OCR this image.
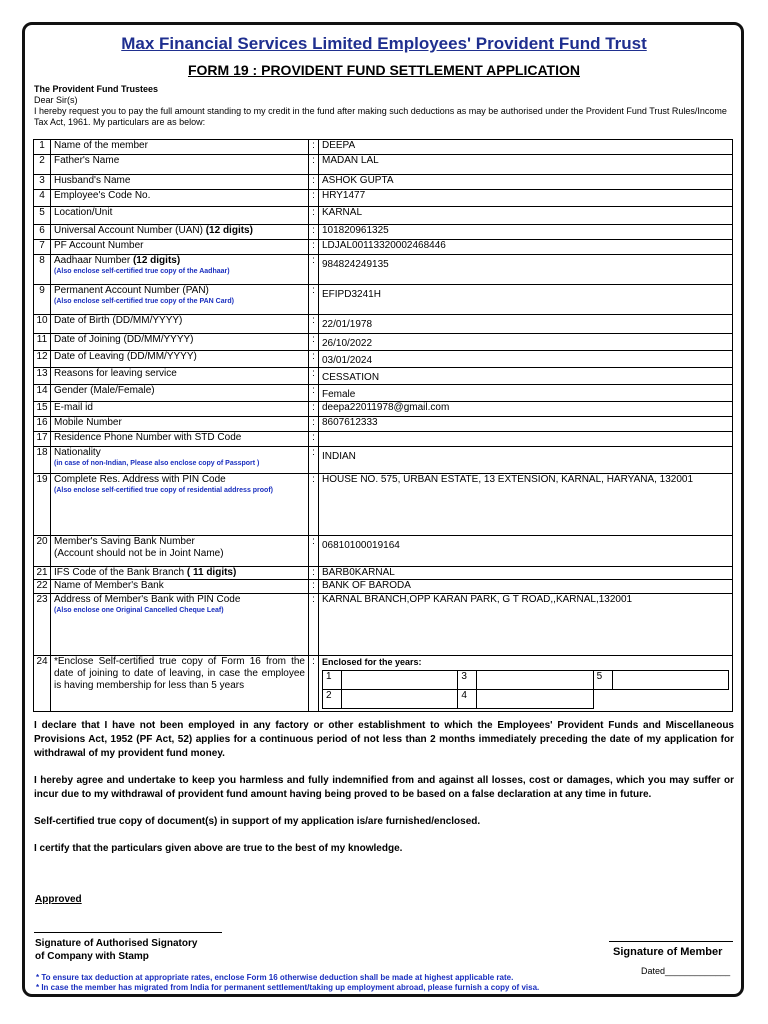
Max Financial Services Limited Employees' Provident Fund Trust
FORM 19 : PROVIDENT FUND SETTLEMENT APPLICATION
The Provident Fund Trustees
Dear Sir(s)
I hereby request you to pay the full amount standing to my credit in the fund after making such deductions as may be authorised under the Provident Fund Trust Rules/Income Tax Act, 1961. My particulars are as below:
1	Name of the member	:	DEEPA
2	Father's Name	:	MADAN LAL
3	Husband's Name	:	ASHOK GUPTA
4	Employee's Code No.	:	HRY1477
5	Location/Unit	:	KARNAL
6	Universal Account Number (UAN) (12 digits)	:	101820961325
7	PF Account Number	:	LDJAL00113320002468446
8	Aadhaar Number (12 digits)
(Also enclose self-certified true copy of the Aadhaar)
	:	984824249135
9	Permanent Account Number (PAN)
(Also enclose self-certified true copy of the PAN Card)
	:	EFIPD3241H
10	Date of Birth (DD/MM/YYYY)	:	22/01/1978
11	Date of Joining (DD/MM/YYYY)	:	26/10/2022
12	Date of Leaving (DD/MM/YYYY)	:	03/01/2024
13	Reasons for leaving service	:	CESSATION
14	Gender (Male/Female)	:	Female
15	E-mail id	:	deepa22011978@gmail.com
16	Mobile Number	:	8607612333
17	Residence Phone Number with STD Code	:	
18	Nationality
(in case of non-Indian, Please also enclose copy of Passport )
	:	INDIAN
19	Complete Res. Address with PIN Code
(Also enclose self-certified true copy of residential address proof)
	:	HOUSE NO. 575, URBAN ESTATE, 13 EXTENSION, KARNAL, HARYANA, 132001
20	Member's Saving Bank Number
(Account should not be in Joint Name)	:	06810100019164
21	IFS Code of the Bank Branch ( 11 digits)	:	BARB0KARNAL
22	Name of Member's Bank	:	BANK OF BARODA
23	Address of Member's Bank with PIN Code
(Also enclose one Original Cancelled Cheque Leaf)
	:	KARNAL BRANCH,OPP KARAN PARK, G T ROAD,,KARNAL,132001
24	*Enclose Self-certified true copy of Form 16 from the date of joining to date of leaving, in case the employee is having membership for less than 5 years	:	Enclosed for the years:
1		3		5	
2		4			

I declare that I have not been employed in any factory or other establishment to which the Employees' Provident Funds and Miscellaneous Provisions Act, 1952 (PF Act, 52) applies for a continuous period of not less than 2 months immediately preceding the date of my application for withdrawal of my provident fund money.

I hereby agree and undertake to keep you harmless and fully indemnified from and against all losses, cost or damages, which you may suffer or incur due to my withdrawal of provident fund amount having being proved to be based on a false declaration at any time in future.

Self-certified true copy of document(s) in support of my application is/are furnished/enclosed.

I certify that the particulars given above are true to the best of my knowledge.

Approved
Signature of Authorised Signatory
of Company with Stamp	Signature of Member
Dated_____________
* To ensure tax deduction at appropriate rates, enclose Form 16 otherwise deduction shall be made at highest applicable rate.
* In case the member has migrated from India for permanent settlement/taking up employment abroad, please furnish a copy of visa.
